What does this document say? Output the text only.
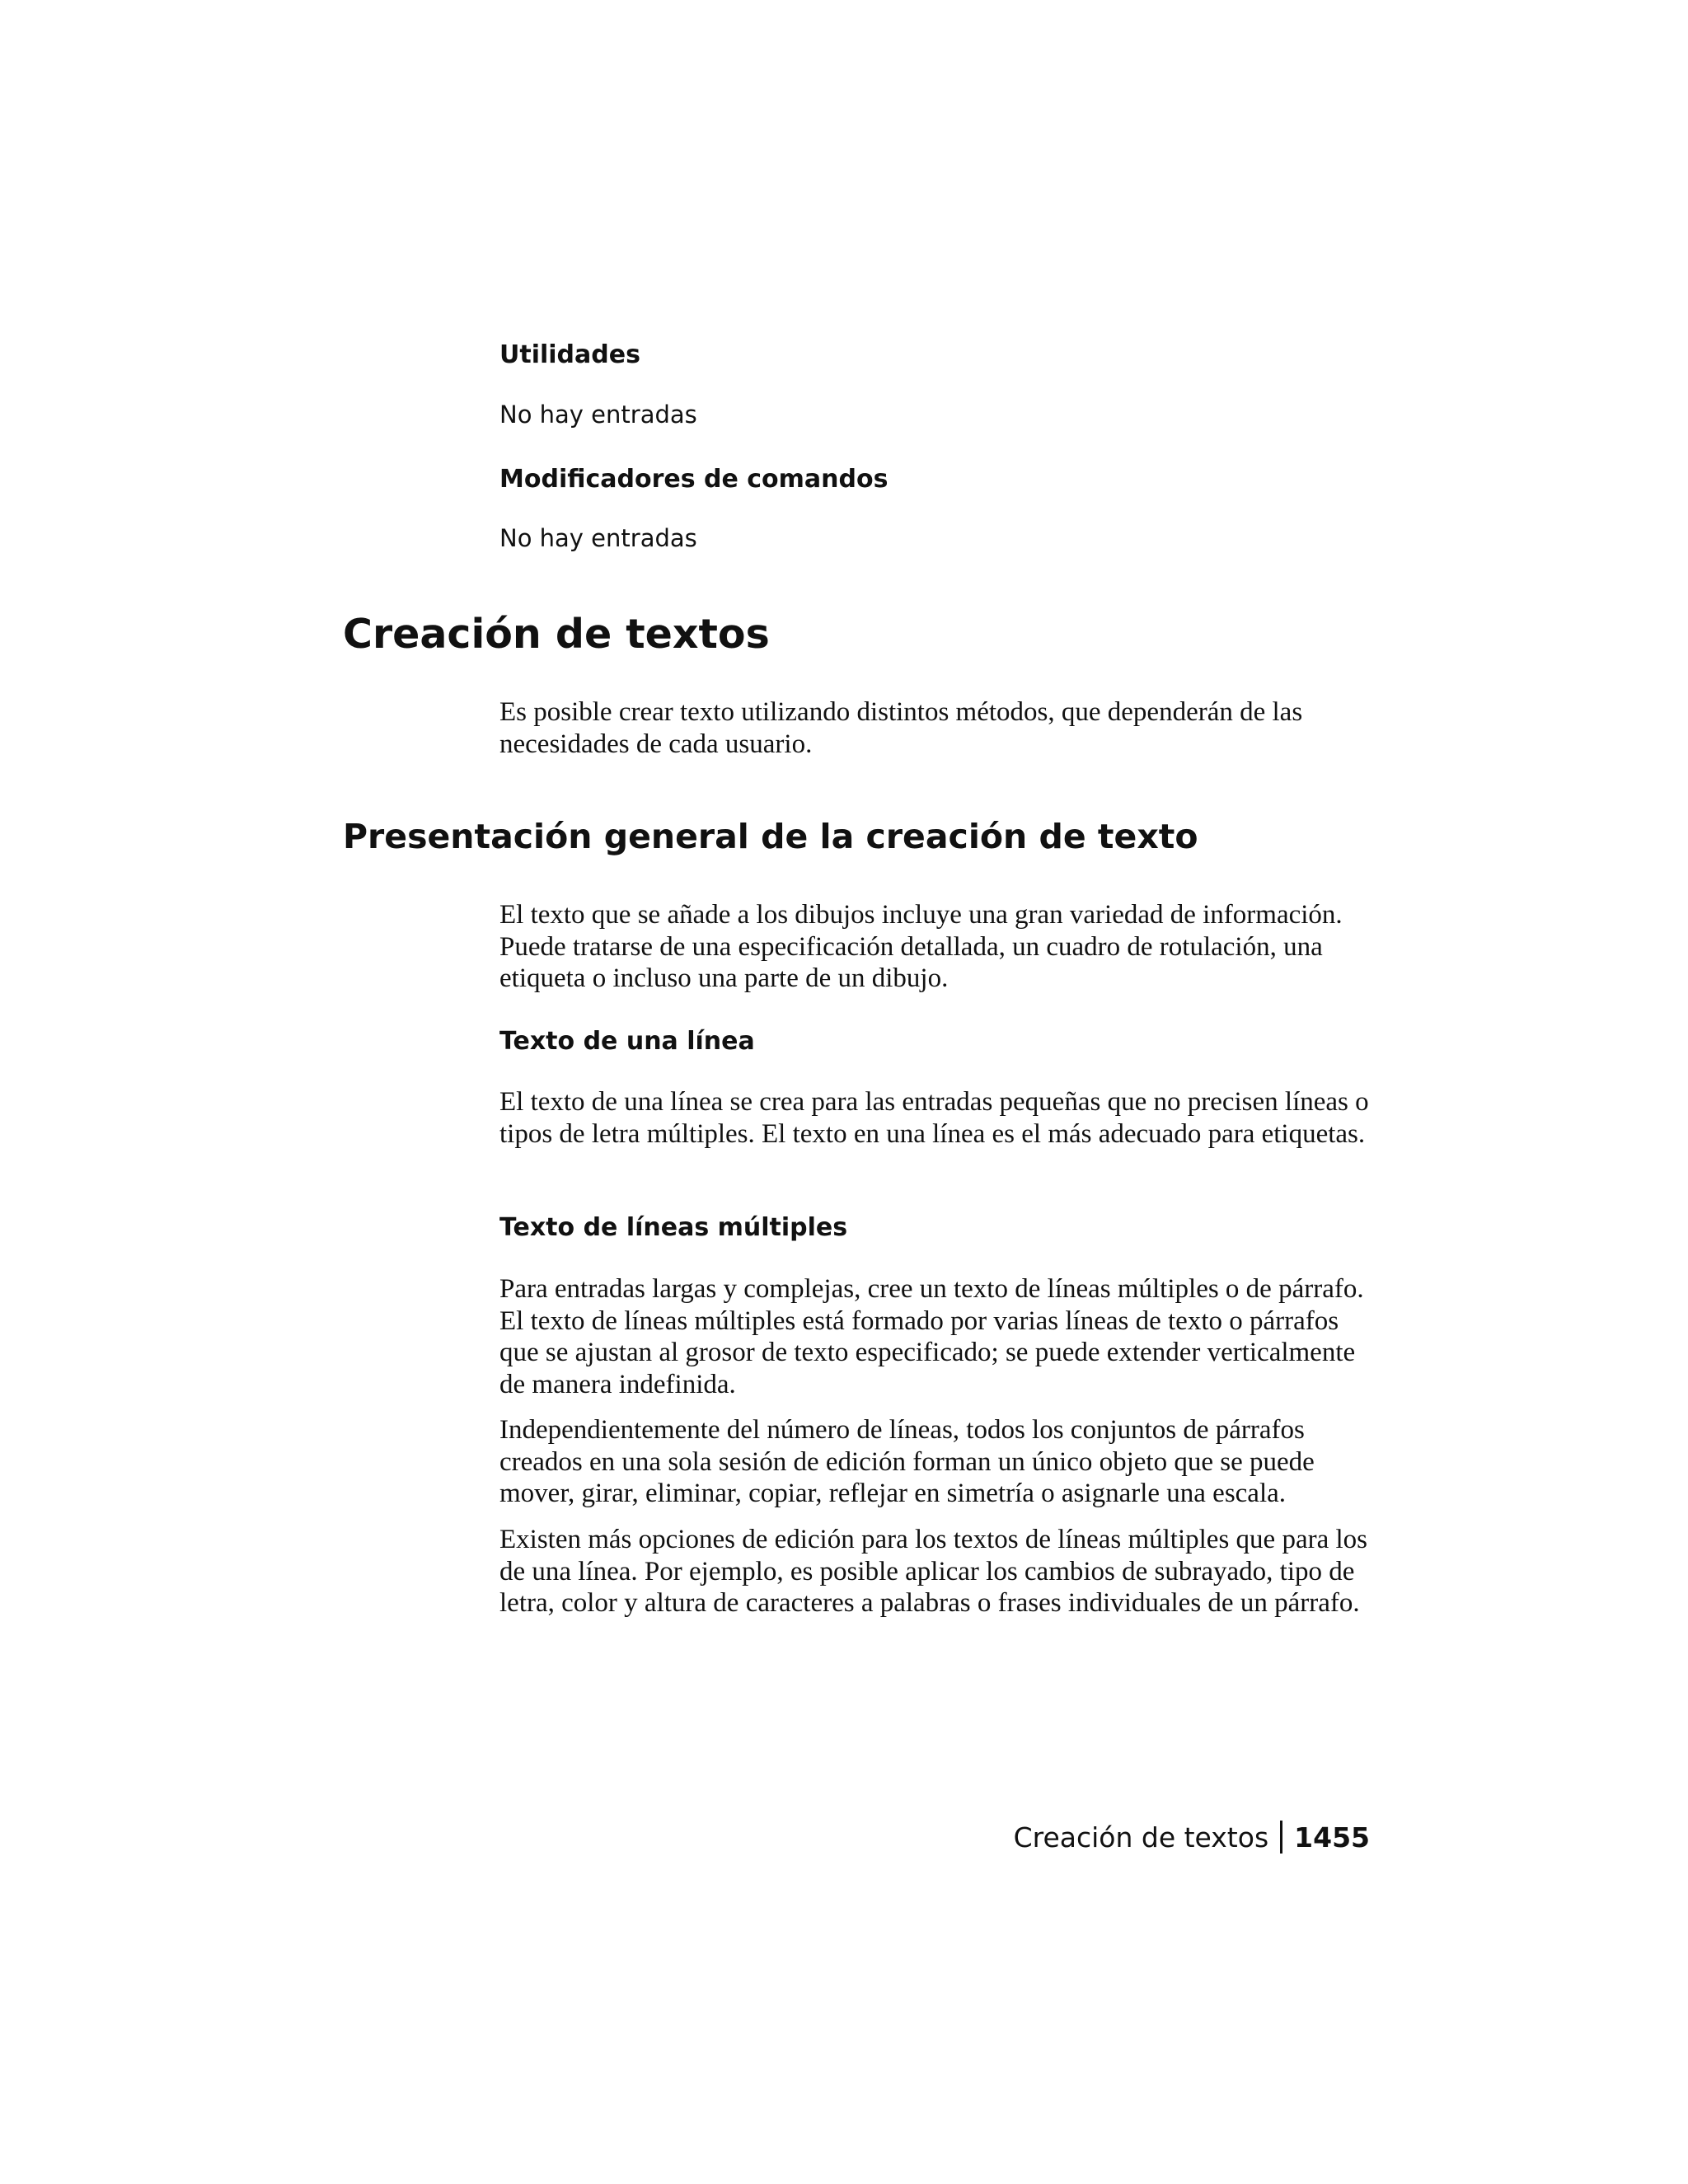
Utilidades
No hay entradas
Modificadores de comandos
No hay entradas
Creación de textos

Es posible crear texto utilizando distintos métodos, que dependerán de las necesidades de cada usuario.

Presentación general de la creación de texto

El texto que se añade a los dibujos incluye una gran variedad de información. Puede tratarse de una especificación detallada, un cuadro de rotulación, una etiqueta o incluso una parte de un dibujo.

Texto de una línea

El texto de una línea se crea para las entradas pequeñas que no precisen líneas o tipos de letra múltiples. El texto en una línea es el más adecuado para etiquetas.

Texto de líneas múltiples

Para entradas largas y complejas, cree un texto de líneas múltiples o de párrafo. El texto de líneas múltiples está formado por varias líneas de texto o párrafos que se ajustan al grosor de texto especificado; se puede extender verticalmente de manera indefinida.

Independientemente del número de líneas, todos los conjuntos de párrafos creados en una sola sesión de edición forman un único objeto que se puede mover, girar, eliminar, copiar, reflejar en simetría o asignarle una escala.

Existen más opciones de edición para los textos de líneas múltiples que para los de una línea. Por ejemplo, es posible aplicar los cambios de subrayado, tipo de letra, color y altura de caracteres a palabras o frases individuales de un párrafo.

Creación de textos 1455
